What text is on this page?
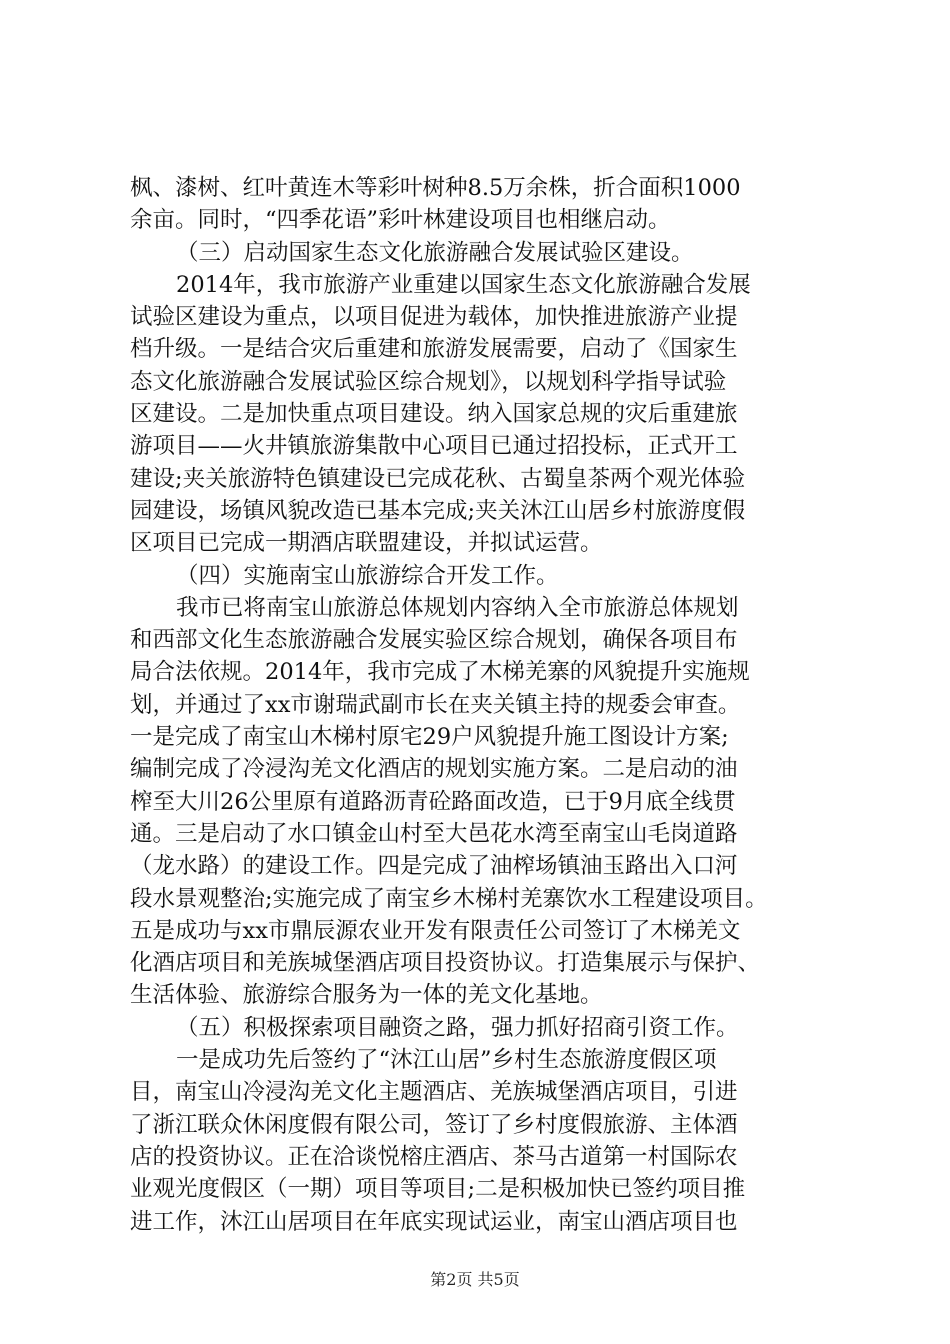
枫、漆树、红叶黄连木等彩叶树种8.5万余株，折合面积1000
余亩。同时，“四季花语”彩叶林建设项目也相继启动。
（三）启动国家生态文化旅游融合发展试验区建设。
2014年，我市旅游产业重建以国家生态文化旅游融合发展
试验区建设为重点，以项目促进为载体，加快推进旅游产业提
档升级。一是结合灾后重建和旅游发展需要，启动了《国家生
态文化旅游融合发展试验区综合规划》，以规划科学指导试验
区建设。二是加快重点项目建设。纳入国家总规的灾后重建旅
游项目——火井镇旅游集散中心项目已通过招投标，正式开工
建设;夹关旅游特色镇建设已完成花秋、古蜀皇茶两个观光体验
园建设，场镇风貌改造已基本完成;夹关沐江山居乡村旅游度假
区项目已完成一期酒店联盟建设，并拟试运营。
（四）实施南宝山旅游综合开发工作。
我市已将南宝山旅游总体规划内容纳入全市旅游总体规划
和西部文化生态旅游融合发展实验区综合规划，确保各项目布
局合法依规。2014年，我市完成了木梯羌寨的风貌提升实施规
划，并通过了xx市谢瑞武副市长在夹关镇主持的规委会审查。
一是完成了南宝山木梯村原宅29户风貌提升施工图设计方案;
编制完成了冷浸沟羌文化酒店的规划实施方案。二是启动的油
榨至大川26公里原有道路沥青砼路面改造，已于9月底全线贯
通。三是启动了水口镇金山村至大邑花水湾至南宝山毛岗道路
（龙水路）的建设工作。四是完成了油榨场镇油玉路出入口河
段水景观整治;实施完成了南宝乡木梯村羌寨饮水工程建设项目。
五是成功与xx市鼎辰源农业开发有限责任公司签订了木梯羌文
化酒店项目和羌族城堡酒店项目投资协议。打造集展示与保护、
生活体验、旅游综合服务为一体的羌文化基地。
（五）积极探索项目融资之路，强力抓好招商引资工作。
一是成功先后签约了“沐江山居”乡村生态旅游度假区项
目，南宝山冷浸沟羌文化主题酒店、羌族城堡酒店项目，引进
了浙江联众休闲度假有限公司，签订了乡村度假旅游、主体酒
店的投资协议。正在洽谈悦榕庄酒店、茶马古道第一村国际农
业观光度假区（一期）项目等项目;二是积极加快已签约项目推
进工作，沐江山居项目在年底实现试运业，南宝山酒店项目也
第2页 共5页
